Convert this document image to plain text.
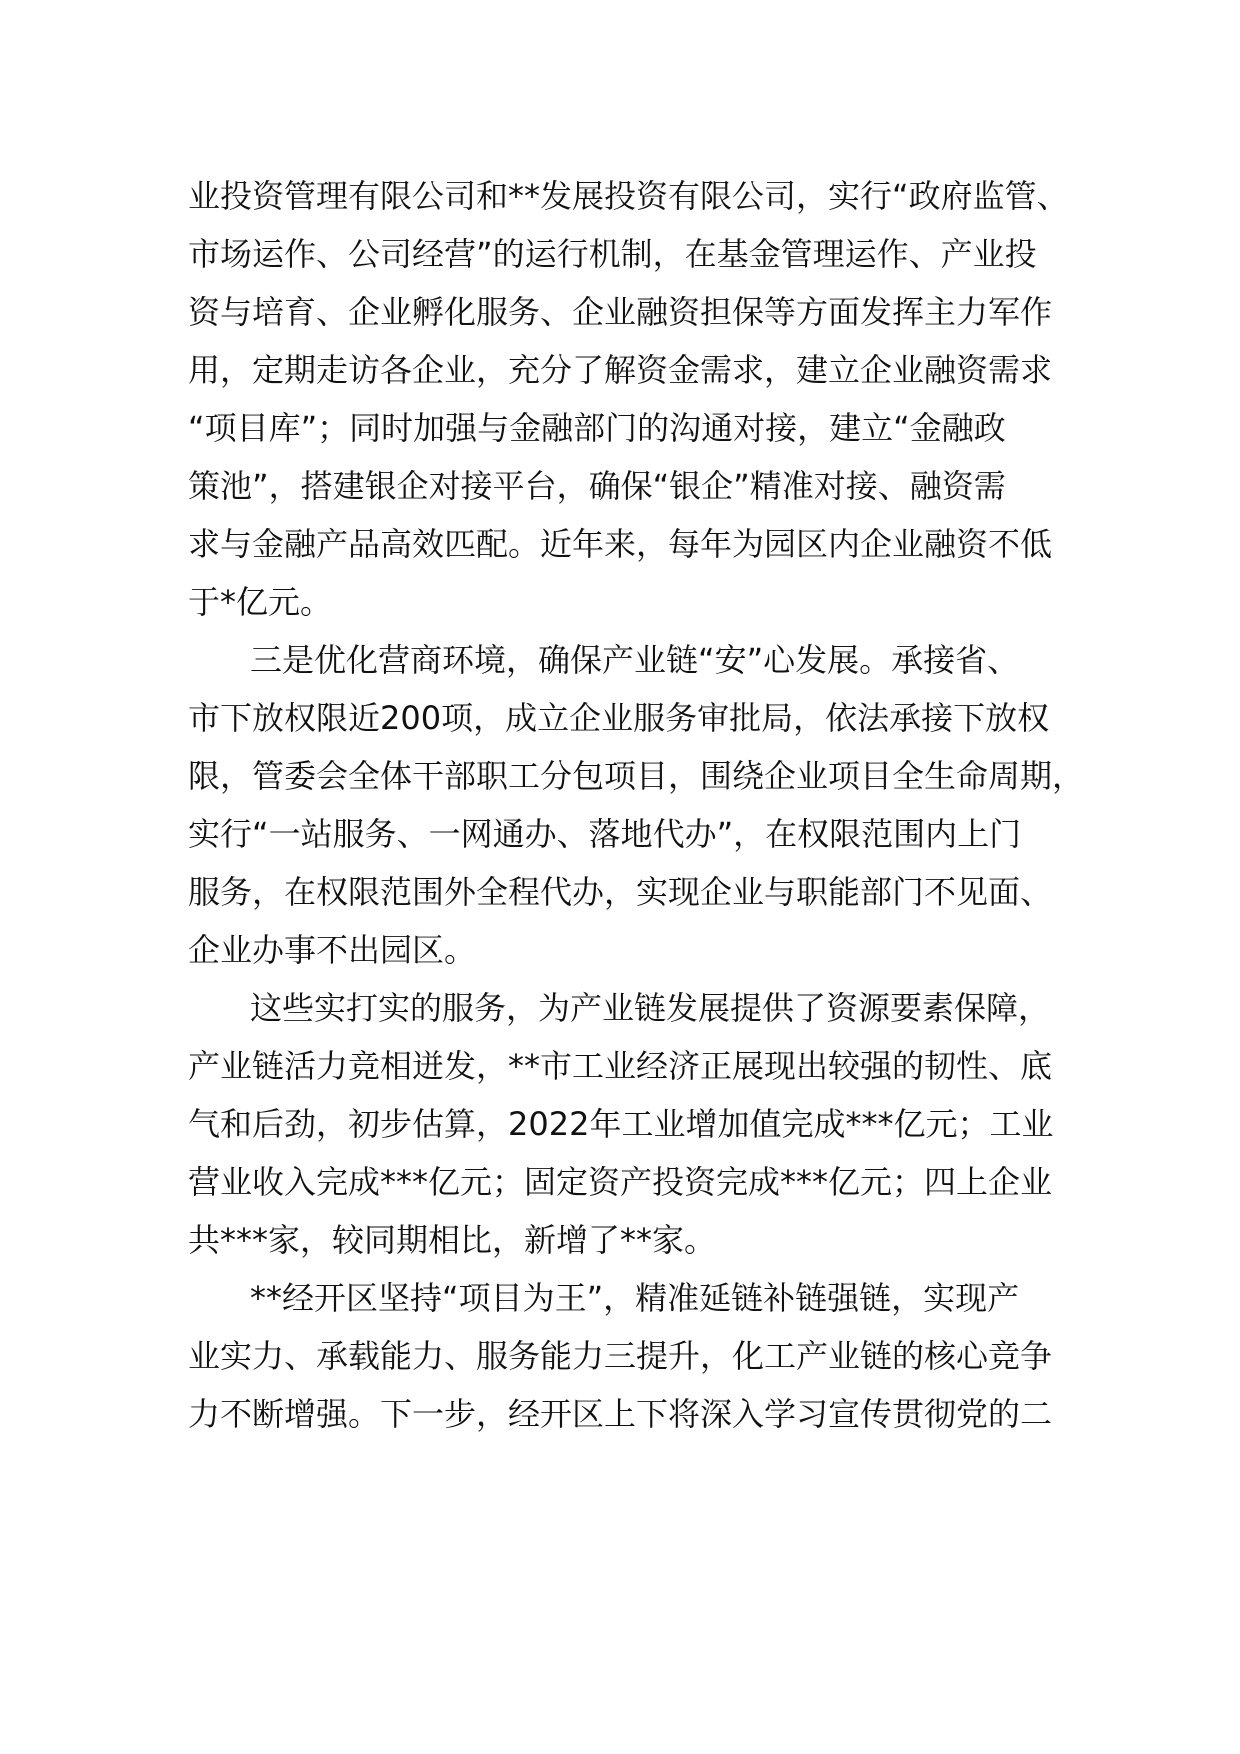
业投资管理有限公司和**发展投资有限公司，实行“政府监管、
市场运作、公司经营”的运行机制，在基金管理运作、产业投
资与培育、企业孵化服务、企业融资担保等方面发挥主力军作
用，定期走访各企业，充分了解资金需求，建立企业融资需求
“项目库”；同时加强与金融部门的沟通对接，建立“金融政
策池”，搭建银企对接平台，确保“银企”精准对接、融资需
求与金融产品高效匹配。近年来，每年为园区内企业融资不低
于*亿元。
三是优化营商环境，确保产业链“安”心发展。承接省、
市下放权限近200项，成立企业服务审批局，依法承接下放权
限，管委会全体干部职工分包项目，围绕企业项目全生命周期，
实行“一站服务、一网通办、落地代办”，在权限范围内上门
服务，在权限范围外全程代办，实现企业与职能部门不见面、
企业办事不出园区。
这些实打实的服务，为产业链发展提供了资源要素保障，
产业链活力竞相迸发，**市工业经济正展现出较强的韧性、底
气和后劲，初步估算，2022年工业增加值完成***亿元；工业
营业收入完成***亿元；固定资产投资完成***亿元；四上企业
共***家，较同期相比，新增了**家。
**经开区坚持“项目为王”，精准延链补链强链，实现产
业实力、承载能力、服务能力三提升，化工产业链的核心竞争
力不断增强。下一步，经开区上下将深入学习宣传贯彻党的二
